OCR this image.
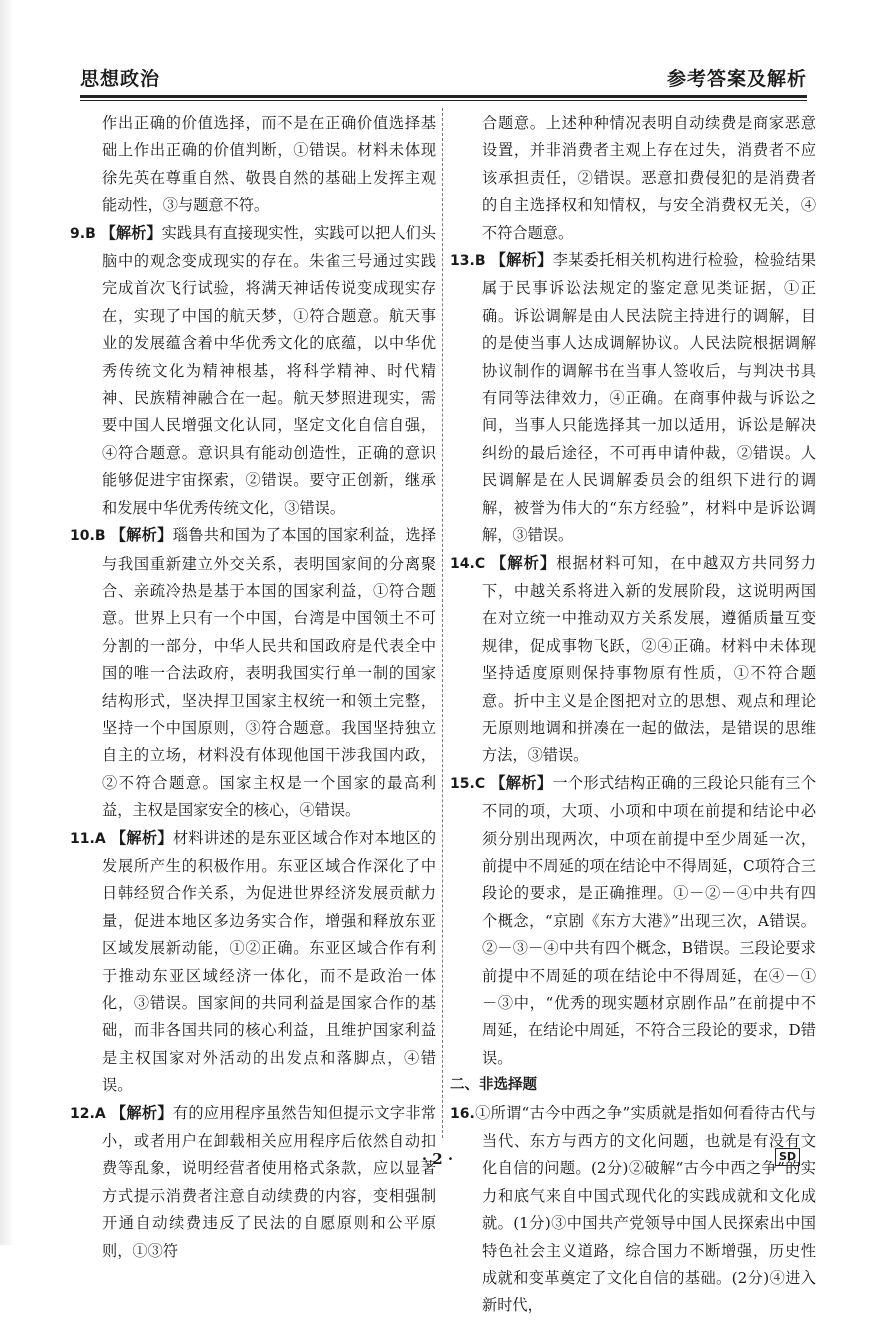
思想政治	参考答案及解析

作出正确的价值选择，而不是在正确价值选择基础上作出正确的价值判断，①错误。材料未体现徐先英在尊重自然、敬畏自然的基础上发挥主观能动性，③与题意不符。

9.B 【解析】实践具有直接现实性，实践可以把人们头脑中的观念变成现实的存在。朱雀三号通过实践完成首次飞行试验，将满天神话传说变成现实存在，实现了中国的航天梦，①符合题意。航天事业的发展蕴含着中华优秀文化的底蕴，以中华优秀传统文化为精神根基，将科学精神、时代精神、民族精神融合在一起。航天梦照进现实，需要中国人民增强文化认同，坚定文化自信自强，④符合题意。意识具有能动创造性，正确的意识能够促进宇宙探索，②错误。要守正创新，继承和发展中华优秀传统文化，③错误。

10.B 【解析】瑙鲁共和国为了本国的国家利益，选择与我国重新建立外交关系，表明国家间的分离聚合、亲疏冷热是基于本国的国家利益，①符合题意。世界上只有一个中国，台湾是中国领土不可分割的一部分，中华人民共和国政府是代表全中国的唯一合法政府，表明我国实行单一制的国家结构形式，坚决捍卫国家主权统一和领土完整，坚持一个中国原则，③符合题意。我国坚持独立自主的立场，材料没有体现他国干涉我国内政，②不符合题意。国家主权是一个国家的最高利益，主权是国家安全的核心，④错误。

11.A 【解析】材料讲述的是东亚区域合作对本地区的发展所产生的积极作用。东亚区域合作深化了中日韩经贸合作关系，为促进世界经济发展贡献力量，促进本地区多边务实合作，增强和释放东亚区域发展新动能，①②正确。东亚区域合作有利于推动东亚区域经济一体化，而不是政治一体化，③错误。国家间的共同利益是国家合作的基础，而非各国共同的核心利益，且维护国家利益是主权国家对外活动的出发点和落脚点，④错误。

12.A 【解析】有的应用程序虽然告知但提示文字非常小，或者用户在卸载相关应用程序后依然自动扣费等乱象，说明经营者使用格式条款，应以显著方式提示消费者注意自动续费的内容，变相强制开通自动续费违反了民法的自愿原则和公平原则，①③符

合题意。上述种种情况表明自动续费是商家恶意设置，并非消费者主观上存在过失，消费者不应该承担责任，②错误。恶意扣费侵犯的是消费者的自主选择权和知情权，与安全消费权无关，④不符合题意。

13.B 【解析】李某委托相关机构进行检验，检验结果属于民事诉讼法规定的鉴定意见类证据，①正确。诉讼调解是由人民法院主持进行的调解，目的是使当事人达成调解协议。人民法院根据调解协议制作的调解书在当事人签收后，与判决书具有同等法律效力，④正确。在商事仲裁与诉讼之间，当事人只能选择其一加以适用，诉讼是解决纠纷的最后途径，不可再申请仲裁，②错误。人民调解是在人民调解委员会的组织下进行的调解，被誉为伟大的“东方经验”，材料中是诉讼调解，③错误。

14.C 【解析】根据材料可知，在中越双方共同努力下，中越关系将进入新的发展阶段，这说明两国在对立统一中推动双方关系发展，遵循质量互变规律，促成事物飞跃，②④正确。材料中未体现坚持适度原则保持事物原有性质，①不符合题意。折中主义是企图把对立的思想、观点和理论无原则地调和拼凑在一起的做法，是错误的思维方法，③错误。

15.C 【解析】一个形式结构正确的三段论只能有三个不同的项，大项、小项和中项在前提和结论中必须分别出现两次，中项在前提中至少周延一次，前提中不周延的项在结论中不得周延，C项符合三段论的要求，是正确推理。①－②－④中共有四个概念，“京剧《东方大港》”出现三次，A错误。②－③－④中共有四个概念，B错误。三段论要求前提中不周延的项在结论中不得周延，在④－①－③中，“优秀的现实题材京剧作品”在前提中不周延，在结论中周延，不符合三段论的要求，D错误。

二、非选择题

16.①所谓“古今中西之争”实质就是指如何看待古代与当代、东方与西方的文化问题，也就是有没有文化自信的问题。(2分)②破解“古今中西之争”的实力和底气来自中国式现代化的实践成就和文化成就。(1分)③中国共产党领导中国人民探索出中国特色社会主义道路，综合国力不断增强，历史性成就和变革奠定了文化自信的基础。(2分)④进入新时代，

· 2 ·	SD
